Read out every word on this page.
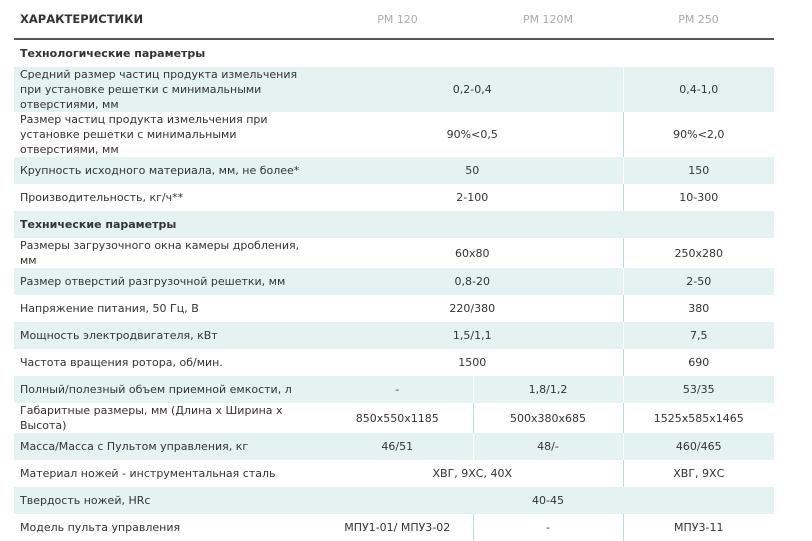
ХАРАКТЕРИСТИКИ	РМ 120	РМ 120М	РМ 250
Технологические параметры			
Средний размер частиц продукта измельчения при установке решетки с минимальными отверстиями, мм	0,2-0,4		0,4-1,0
Размер частиц продукта измельчения при установке решетки с минимальными отверстиями, мм	90%<0,5		90%<2,0
Крупность исходного материала, мм, не более*	50		150
Производительность, кг/ч**	2-100		10-300
Технические параметры			
Размеры загрузочного окна камеры дробления, мм	60х80		250х280
Размер отверстий разгрузочной решетки, мм	0,8-20		2-50
Напряжение питания, 50 Гц, В	220/380		380
Мощность электродвигателя, кВт	1,5/1,1		7,5
Частота вращения ротора, об/мин.	1500		690
Полный/полезный объем приемной емкости, л	-	1,8/1,2	53/35
Габаритные размеры, мм (Длина х Ширина х Высота)	850х550х1185	500х380х685	1525х585х1465
Масса/Масса с Пультом управления, кг	46/51	48/-	460/465
Материал ножей - инструментальная сталь	ХВГ, 9ХС, 40Х		ХВГ, 9ХС
Твердость ножей, HRc	40-45		
Модель пульта управления	МПУ1-01/ МПУ3-02	-	МПУ3-11
